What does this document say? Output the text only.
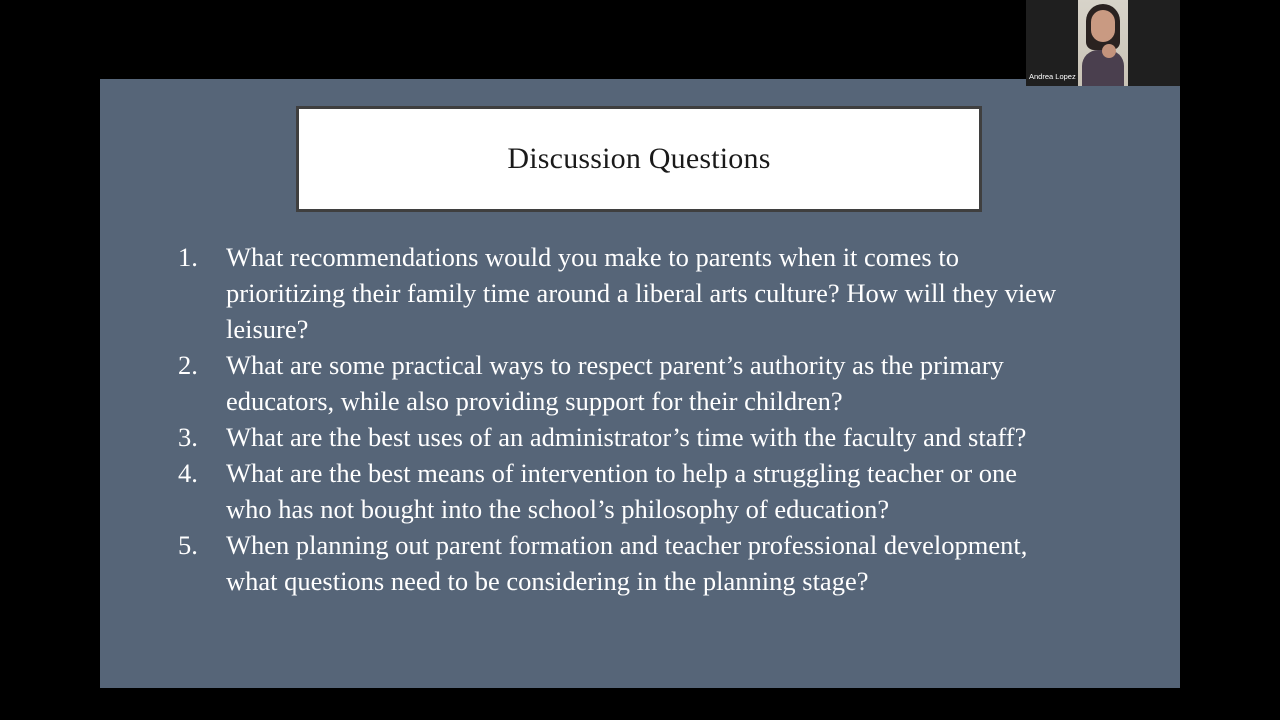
Discussion Questions
1.	What recommendations would you make to parents when it comes to
prioritizing their family time around a liberal arts culture? How will they view
leisure?
2.	What are some practical ways to respect parent’s authority as the primary
educators, while also providing support for their children?
3.	What are the best uses of an administrator’s time with the faculty and staff?
4.	What are the best means of intervention to help a struggling teacher or one
who has not bought into the school’s philosophy of education?
5.	When planning out parent formation and teacher professional development,
what questions need to be considering in the planning stage?
Andrea Lopez
